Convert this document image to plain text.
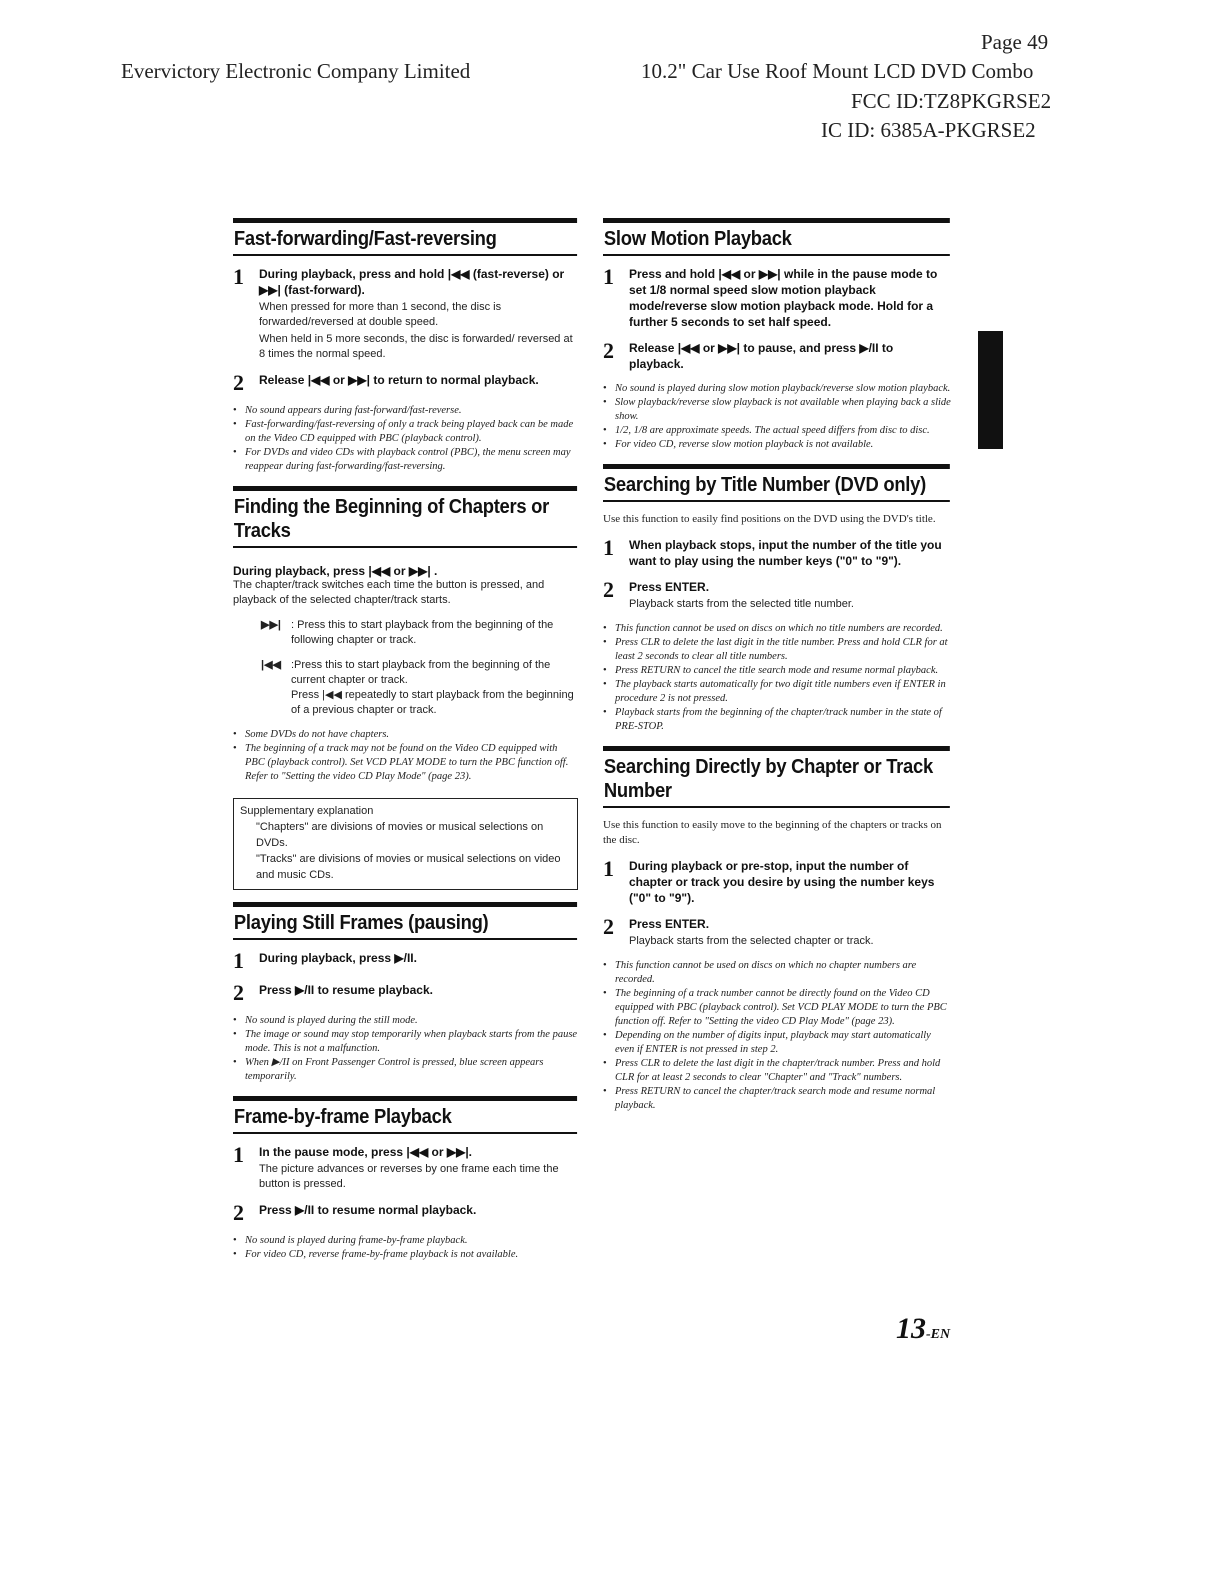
Page 49
Evervictory Electronic Company Limited	10.2" Car Use Roof Mount LCD DVD Combo
FCC ID:TZ8PKGRSE2
IC ID: 6385A-PKGRSE2
Fast-forwarding/Fast-reversing
1	During playback, press and hold |◀◀ (fast-reverse) or ▶▶| (fast-forward).
When pressed for more than 1 second, the disc is forwarded/reversed at double speed.
When held in 5 more seconds, the disc is forwarded/ reversed at 8 times the normal speed.
2	Release |◀◀ or ▶▶| to return to normal playback.
• No sound appears during fast-forward/fast-reverse.
• Fast-forwarding/fast-reversing of only a track being played back can be made on the Video CD equipped with PBC (playback control).
• For DVDs and video CDs with playback control (PBC), the menu screen may reappear during fast-forwarding/fast-reversing.
Finding the Beginning of Chapters or Tracks
During playback, press |◀◀ or ▶▶| .
The chapter/track switches each time the button is pressed, and playback of the selected chapter/track starts.
▶▶| : Press this to start playback from the beginning of the following chapter or track.
|◀◀ :Press this to start playback from the beginning of the current chapter or track.
Press |◀◀ repeatedly to start playback from the beginning of a previous chapter or track.
• Some DVDs do not have chapters.
• The beginning of a track may not be found on the Video CD equipped with PBC (playback control). Set VCD PLAY MODE to turn the PBC function off. Refer to "Setting the video CD Play Mode" (page 23).
Supplementary explanation
"Chapters" are divisions of movies or musical selections on DVDs.
"Tracks" are divisions of movies or musical selections on video and music CDs.
Playing Still Frames (pausing)
1	During playback, press ▶/II.
2	Press ▶/II to resume playback.
• No sound is played during the still mode.
• The image or sound may stop temporarily when playback starts from the pause mode. This is not a malfunction.
• When ▶/II on Front Passenger Control is pressed, blue screen appears temporarily.
Frame-by-frame Playback
1	In the pause mode, press |◀◀ or ▶▶|.
The picture advances or reverses by one frame each time the button is pressed.
2	Press ▶/II to resume normal playback.
• No sound is played during frame-by-frame playback.
• For video CD, reverse frame-by-frame playback is not available.
Slow Motion Playback
1	Press and hold |◀◀ or ▶▶| while in the pause mode to set 1/8 normal speed slow motion playback mode/reverse slow motion playback mode. Hold for a further 5 seconds to set half speed.
2	Release |◀◀ or ▶▶| to pause, and press ▶/II to playback.
• No sound is played during slow motion playback/reverse slow motion playback.
• Slow playback/reverse slow playback is not available when playing back a slide show.
• 1/2, 1/8 are approximate speeds. The actual speed differs from disc to disc.
• For video CD, reverse slow motion playback is not available.
Searching by Title Number (DVD only)
Use this function to easily find positions on the DVD using the DVD's title.
1	When playback stops, input the number of the title you want to play using the number keys ("0" to "9").
2	Press ENTER.
Playback starts from the selected title number.
• This function cannot be used on discs on which no title numbers are recorded.
• Press CLR to delete the last digit in the title number. Press and hold CLR for at least 2 seconds to clear all title numbers.
• Press RETURN to cancel the title search mode and resume normal playback.
• The playback starts automatically for two digit title numbers even if ENTER in procedure 2 is not pressed.
• Playback starts from the beginning of the chapter/track number in the state of PRE-STOP.
Searching Directly by Chapter or Track Number
Use this function to easily move to the beginning of the chapters or tracks on the disc.
1	During playback or pre-stop, input the number of chapter or track you desire by using the number keys ("0" to "9").
2	Press ENTER.
Playback starts from the selected chapter or track.
• This function cannot be used on discs on which no chapter numbers are recorded.
• The beginning of a track number cannot be directly found on the Video CD equipped with PBC (playback control). Set VCD PLAY MODE to turn the PBC function off. Refer to "Setting the video CD Play Mode" (page 23).
• Depending on the number of digits input, playback may start automatically even if ENTER is not pressed in step 2.
• Press CLR to delete the last digit in the chapter/track number. Press and hold CLR for at least 2 seconds to clear "Chapter" and "Track" numbers.
• Press RETURN to cancel the chapter/track search mode and resume normal playback.
13-EN
